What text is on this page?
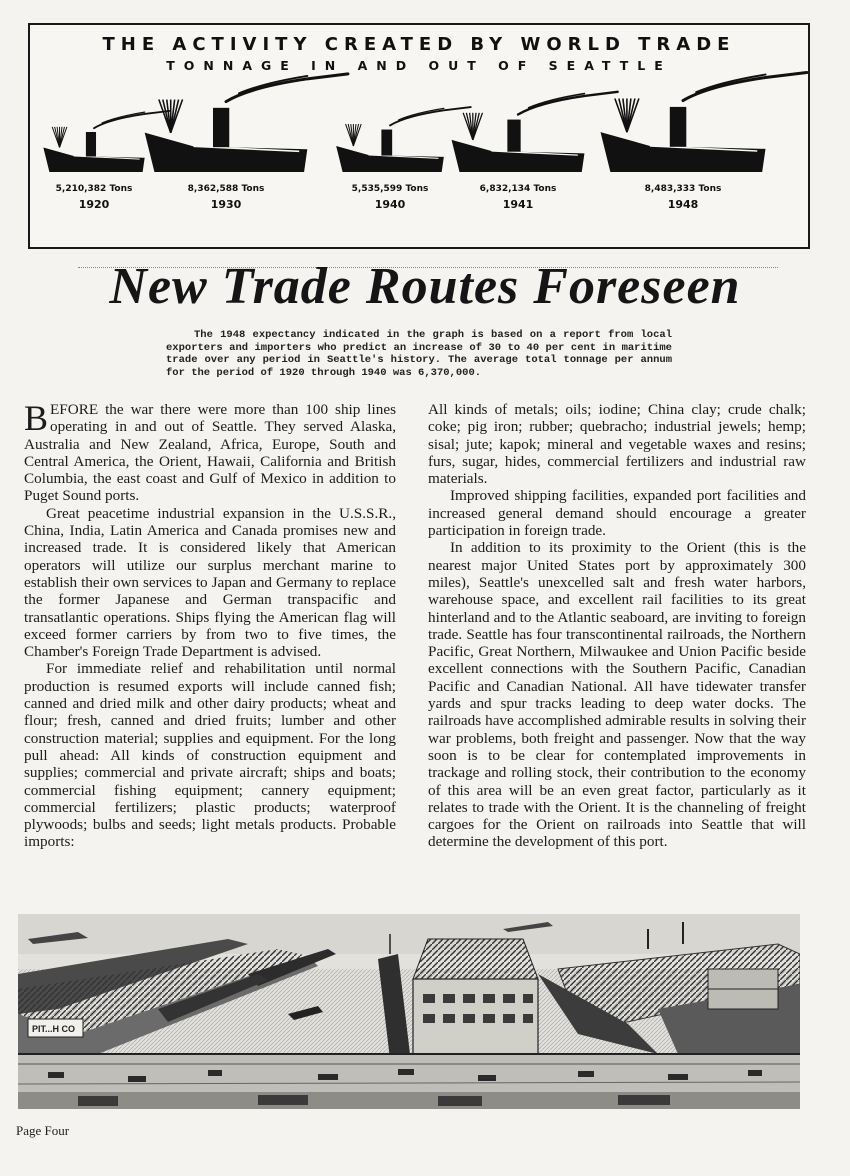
THE ACTIVITY CREATED BY WORLD TRADE
TONNAGE IN AND OUT OF SEATTLE
5,210,382 Tons
1920
8,362,588 Tons
1930
5,535,599 Tons
1940
6,832,134 Tons
1941
8,483,333 Tons
1948
New Trade Routes Foreseen

The 1948 expectancy indicated in the graph is based on a report from local exporters and importers who predict an increase of 30 to 40 per cent in maritime trade over any period in Seattle's history. The average total tonnage per annum for the period of 1920 through 1940 was 6,370,000.

BEFORE the war there were more than 100 ship lines operating in and out of Seattle. They served Alaska, Australia and New Zealand, Africa, Europe, South and Central America, the Orient, Hawaii, California and British Columbia, the east coast and Gulf of Mexico in addition to Puget Sound ports.

Great peacetime industrial expansion in the U.S.S.R., China, India, Latin America and Canada promises new and increased trade. It is considered likely that American operators will utilize our surplus merchant marine to establish their own services to Japan and Germany to replace the former Japanese and German transpacific and transatlantic operations. Ships flying the American flag will exceed former carriers by from two to five times, the Chamber's Foreign Trade Department is advised.

For immediate relief and rehabilitation until normal production is resumed exports will include canned fish; canned and dried milk and other dairy products; wheat and flour; fresh, canned and dried fruits; lumber and other construction material; supplies and equipment. For the long pull ahead: All kinds of construction equipment and supplies; commercial and private aircraft; ships and boats; commercial fishing equipment; cannery equipment; commercial fertilizers; plastic products; waterproof plywoods; bulbs and seeds; light metals products. Probable imports:

All kinds of metals; oils; iodine; China clay; crude chalk; coke; pig iron; rubber; quebracho; industrial jewels; hemp; sisal; jute; kapok; mineral and vegetable waxes and resins; furs, sugar, hides, commercial fertilizers and industrial raw materials.

Improved shipping facilities, expanded port facilities and increased general demand should encourage a greater participation in foreign trade.

In addition to its proximity to the Orient (this is the nearest major United States port by approximately 300 miles), Seattle's unexcelled salt and fresh water harbors, warehouse space, and excellent rail facilities to its great hinterland and to the Atlantic seaboard, are inviting to foreign trade. Seattle has four transcontinental railroads, the Northern Pacific, Great Northern, Milwaukee and Union Pacific beside excellent connections with the Southern Pacific, Canadian Pacific and Canadian National. All have tidewater transfer yards and spur tracks leading to deep water docks. The railroads have accomplished admirable results in solving their war problems, both freight and passenger. Now that the way soon is to be clear for contemplated improvements in trackage and rolling stock, their contribution to the economy of this area will be an even great factor, particularly as it relates to trade with the Orient. It is the channeling of freight cargoes for the Orient on railroads into Seattle that will determine the development of this port.

PIT...H CO
Page Four
